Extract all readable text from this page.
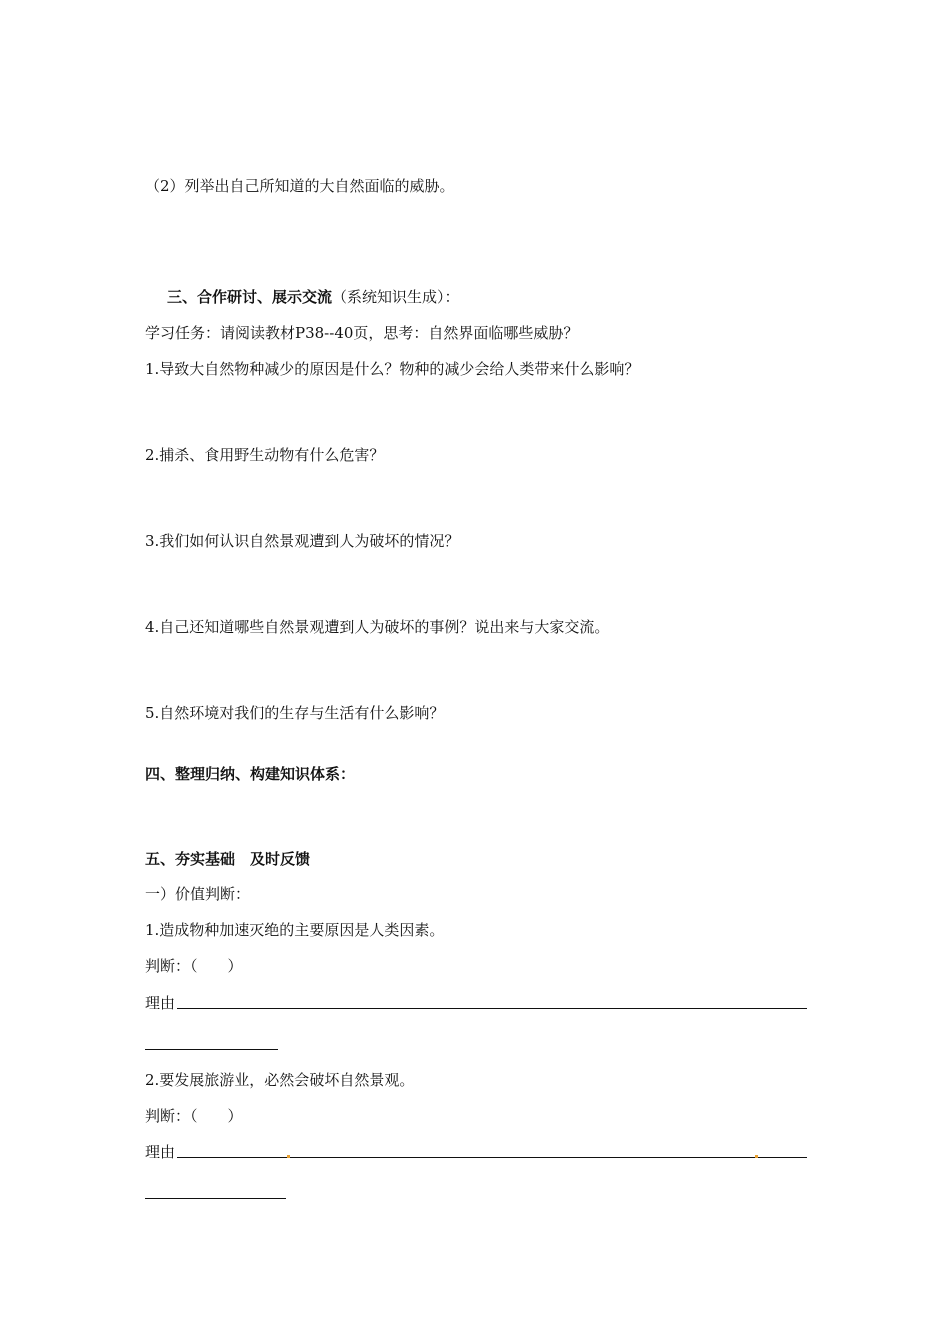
（2）列举出自己所知道的大自然面临的威胁。
三、合作研讨、展示交流（系统知识生成）：
学习任务：请阅读教材P38--40页，思考：自然界面临哪些威胁？
1.导致大自然物种减少的原因是什么？物种的减少会给人类带来什么影响？
2.捕杀、食用野生动物有什么危害？
3.我们如何认识自然景观遭到人为破坏的情况？
4.自己还知道哪些自然景观遭到人为破坏的事例？说出来与大家交流。
5.自然环境对我们的生存与生活有什么影响？
四、整理归纳、构建知识体系：
五、夯实基础　及时反馈
一）价值判断：
1.造成物种加速灭绝的主要原因是人类因素。
判断：（　　）
理由
2.要发展旅游业，必然会破坏自然景观。
判断：（　　）
理由
